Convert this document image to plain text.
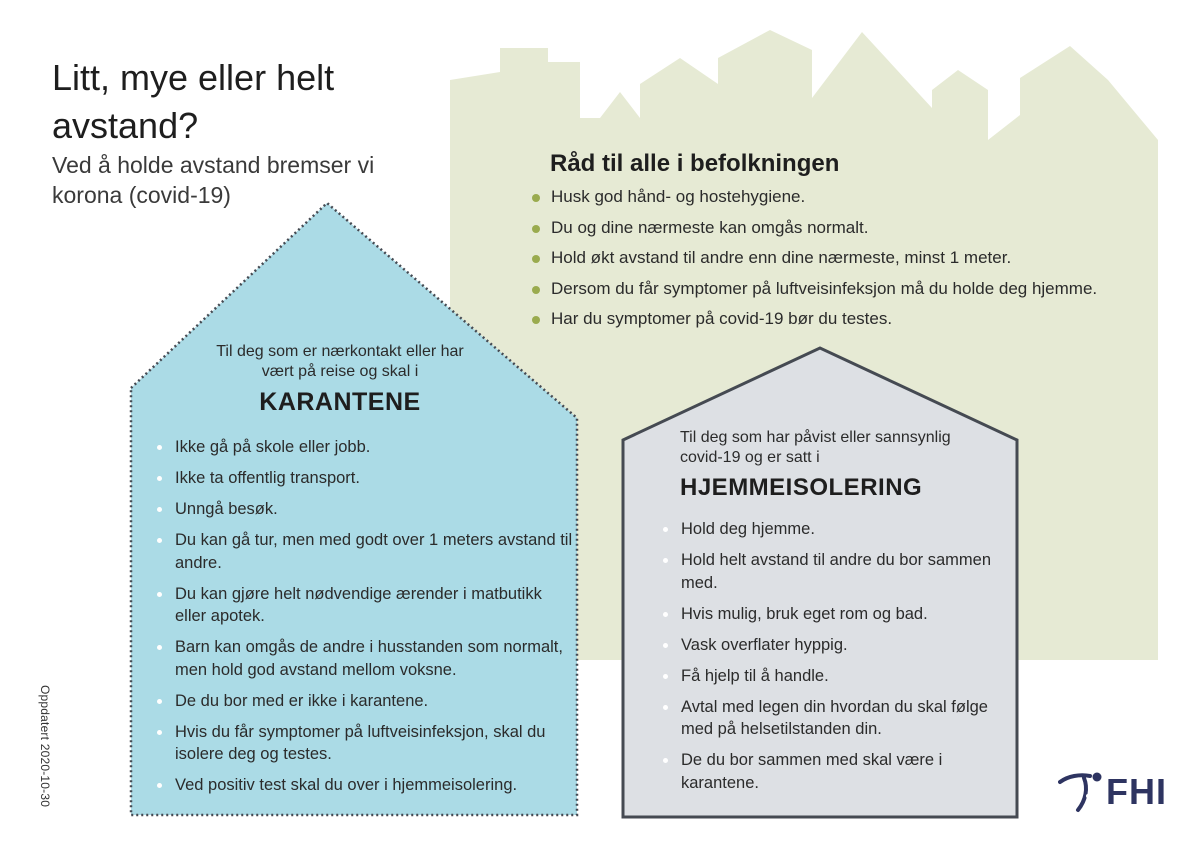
Litt, mye eller helt avstand?

Ved å holde avstand bremser vi korona (covid-19)

Råd til alle i befolkningen
Husk god hånd- og hostehygiene.
Du og dine nærmeste kan omgås normalt.
Hold økt avstand til andre enn dine nærmeste, minst 1 meter.
Dersom du får symptomer på luftveisinfeksjon må du holde deg hjemme.
Har du symptomer på covid-19 bør du testes.

Til deg som er nærkontakt eller har vært på reise og skal i

KARANTENE
Ikke gå på skole eller jobb.
Ikke ta offentlig transport.
Unngå besøk.
Du kan gå tur, men med godt over 1 meters avstand til andre.
Du kan gjøre helt nødvendige ærender i matbutikk eller apotek.
Barn kan omgås de andre i husstanden som normalt, men hold god avstand mellom voksne.
De du bor med er ikke i karantene.
Hvis du får symptomer på luftveisinfeksjon, skal du isolere deg og testes.
Ved positiv test skal du over i hjemmeisolering.

Til deg som har påvist eller sannsynlig covid-19 og er satt i

HJEMMEISOLERING
Hold deg hjemme.
Hold helt avstand til andre du bor sammen med.
Hvis mulig, bruk eget rom og bad.
Vask overflater hyppig.
Få hjelp til å handle.
Avtal med legen din hvordan du skal følge med på helsetilstanden din.
De du bor sammen med skal være i karantene.
Oppdatert 2020-10-30	FHI
